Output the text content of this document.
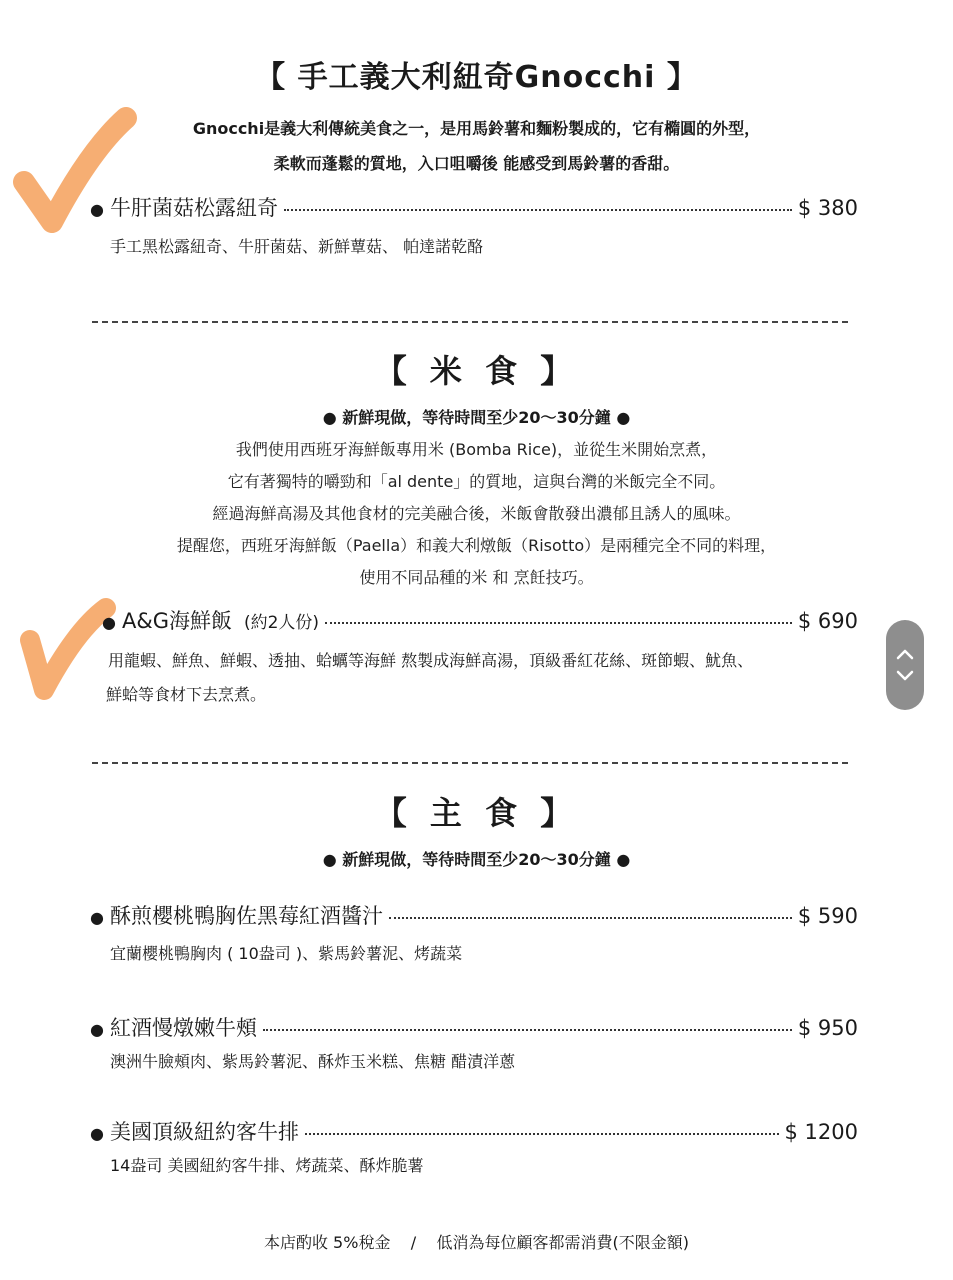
【 手工義大利紐奇Gnocchi 】
Gnocchi是義大利傳統美食之一，是用馬鈴薯和麵粉製成的，它有橢圓的外型，
柔軟而蓬鬆的質地，入口咀嚼後 能感受到馬鈴薯的香甜。
● 牛肝菌菇松露紐奇	$ 380
手工黑松露紐奇、牛肝菌菇、新鮮蕈菇、 帕達諾乾酪
【 米 食 】
● 新鮮現做，等待時間至少20～30分鐘 ●
我們使用西班牙海鮮飯專用米 (Bomba Rice)，並從生米開始烹煮，
它有著獨特的嚼勁和「al dente」的質地，這與台灣的米飯完全不同。
經過海鮮高湯及其他食材的完美融合後，米飯會散發出濃郁且誘人的風味。
提醒您，西班牙海鮮飯（Paella）和義大利燉飯（Risotto）是兩種完全不同的料理，
使用不同品種的米 和 烹飪技巧。
● A&G海鮮飯 (約2人份)	$ 690
用龍蝦、鮮魚、鮮蝦、透抽、蛤蠣等海鮮 熬製成海鮮高湯，頂級番紅花絲、斑節蝦、魷魚、
鮮蛤等食材下去烹煮。
【 主 食 】
● 新鮮現做，等待時間至少20～30分鐘 ●
● 酥煎櫻桃鴨胸佐黑莓紅酒醬汁	$ 590
宜蘭櫻桃鴨胸肉 ( 10盎司 )、紫馬鈴薯泥、烤蔬菜
● 紅酒慢燉嫩牛頰	$ 950
澳洲牛臉頰肉、紫馬鈴薯泥、酥炸玉米糕、焦糖 醋漬洋蔥
● 美國頂級紐約客牛排	$ 1200
14盎司 美國紐約客牛排、烤蔬菜、酥炸脆薯
本店酌收 5%稅金    /    低消為每位顧客都需消費(不限金額)
